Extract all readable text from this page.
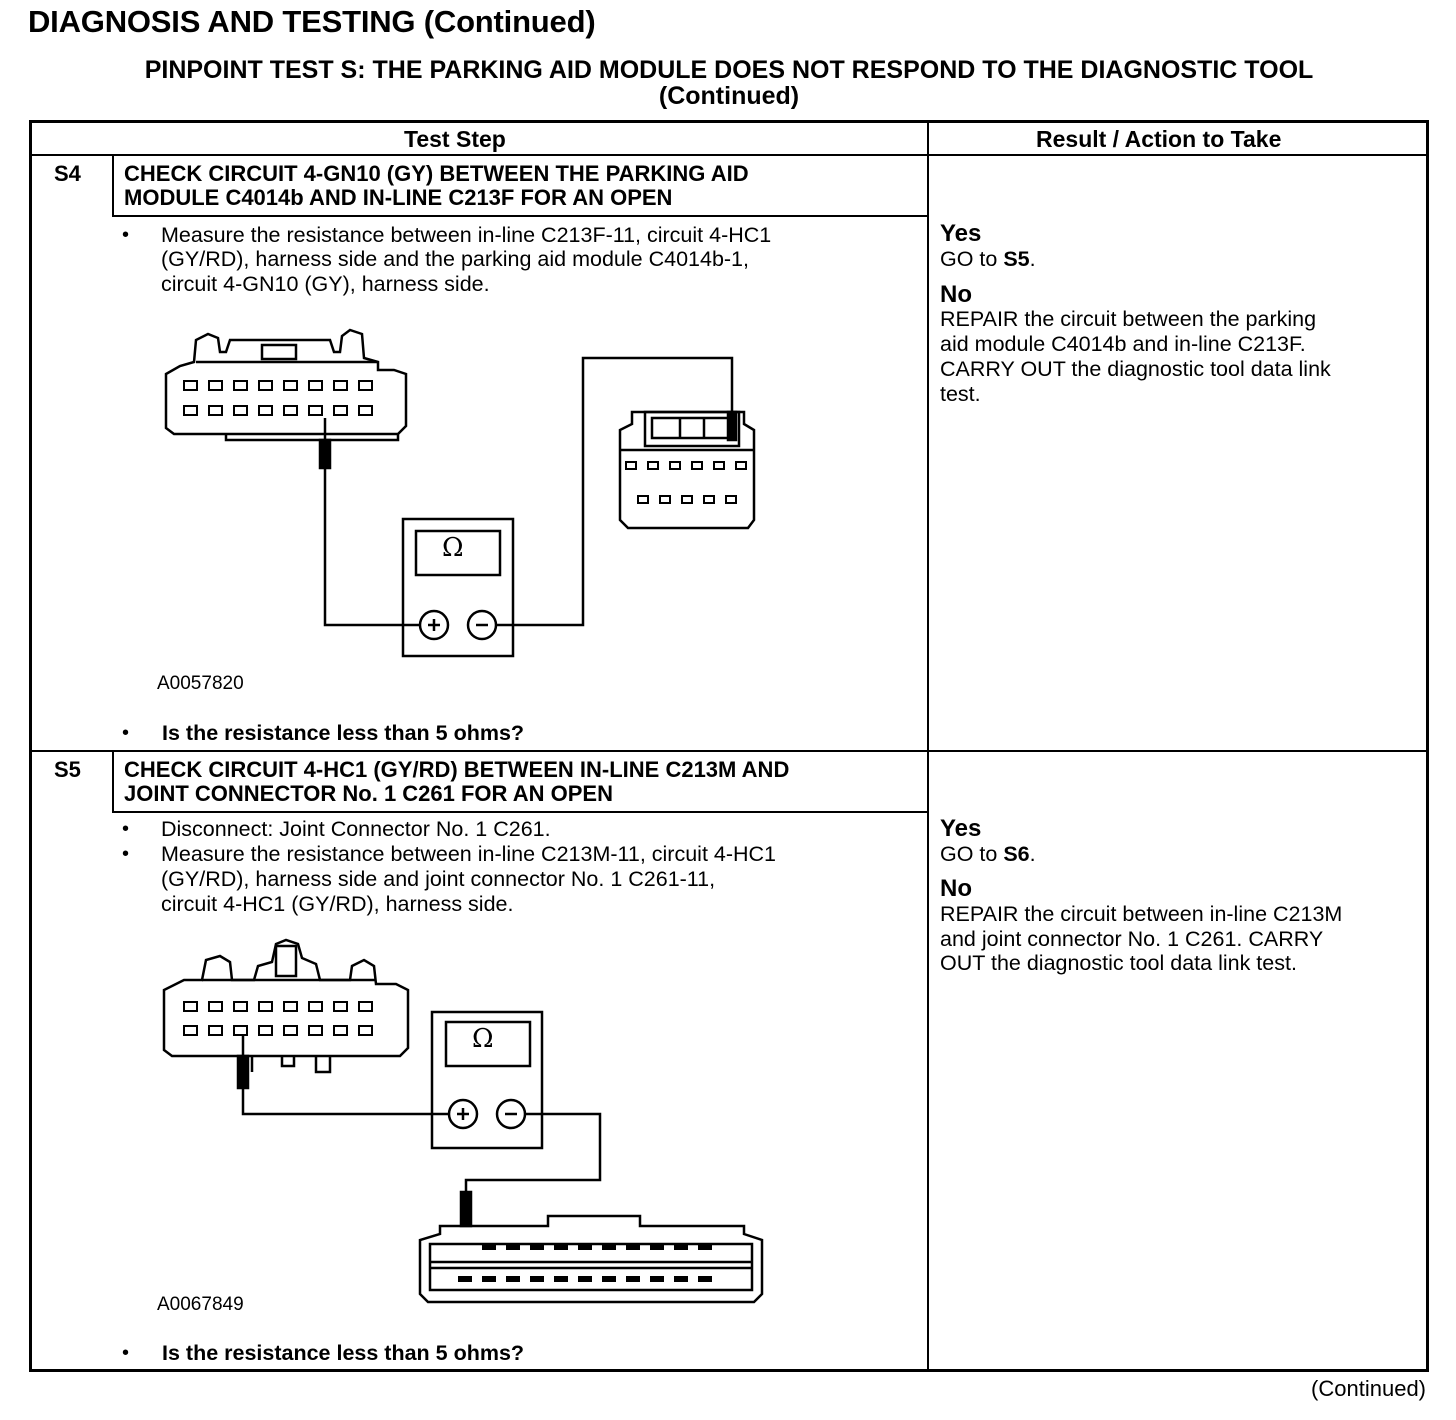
DIAGNOSIS AND TESTING (Continued)
PINPOINT TEST S: THE PARKING AID MODULE DOES NOT RESPOND TO THE DIAGNOSTIC TOOL
(Continued)
Test Step	Result / Action to Take
S4 CHECK CIRCUIT 4-GN10 (GY) BETWEEN THE PARKING AID
MODULE C4014b AND IN-LINE C213F FOR AN OPEN
• Measure the resistance between in-line C213F-11, circuit 4-HC1
(GY/RD), harness side and the parking aid module C4014b-1,
circuit 4-GN10 (GY), harness side.
Ω
A0057820
• Is the resistance less than 5 ohms?
Yes
GO to S5.
No
REPAIR the circuit between the parking
aid module C4014b and in-line C213F.
CARRY OUT the diagnostic tool data link
test.
S5 CHECK CIRCUIT 4-HC1 (GY/RD) BETWEEN IN-LINE C213M AND
JOINT CONNECTOR No. 1 C261 FOR AN OPEN
• Disconnect: Joint Connector No. 1 C261.
• Measure the resistance between in-line C213M-11, circuit 4-HC1
(GY/RD), harness side and joint connector No. 1 C261-11,
circuit 4-HC1 (GY/RD), harness side.
Ω
A0067849
• Is the resistance less than 5 ohms?
Yes
GO to S6.
No
REPAIR the circuit between in-line C213M
and joint connector No. 1 C261. CARRY
OUT the diagnostic tool data link test.
(Continued)
